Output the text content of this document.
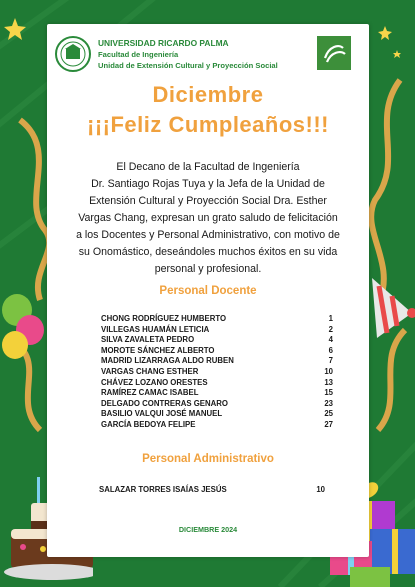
UNIVERSIDAD RICARDO PALMA
Facultad de Ingeniería
Unidad de Extensión Cultural y Proyección Social
Diciembre
¡¡¡Feliz Cumpleaños!!!
El Decano de la Facultad de Ingeniería
Dr. Santiago Rojas Tuya y la Jefa de la Unidad de
Extensión Cultural y Proyección Social Dra. Esther
Vargas Chang, expresan un grato saludo de felicitación
a los Docentes y Personal Administrativo, con motivo de
su Onomástico, deseándoles muchos éxitos en su vida
personal y profesional.
Personal Docente
CHONG RODRÍGUEZ HUMBERTO	1
VILLEGAS HUAMÁN LETICIA	2
SILVA ZAVALETA PEDRO	4
MOROTE SÁNCHEZ ALBERTO	6
MADRID LIZARRAGA ALDO RUBEN	7
VARGAS CHANG ESTHER	10
CHÁVEZ LOZANO ORESTES	13
RAMÍREZ CAMAC ISABEL	15
DELGADO CONTRERAS GENARO	23
BASILIO VALQUI JOSÉ MANUEL	25
GARCÍA BEDOYA FELIPE	27
Personal Administrativo
SALAZAR TORRES ISAÍAS JESÚS	10
DICIEMBRE 2024
